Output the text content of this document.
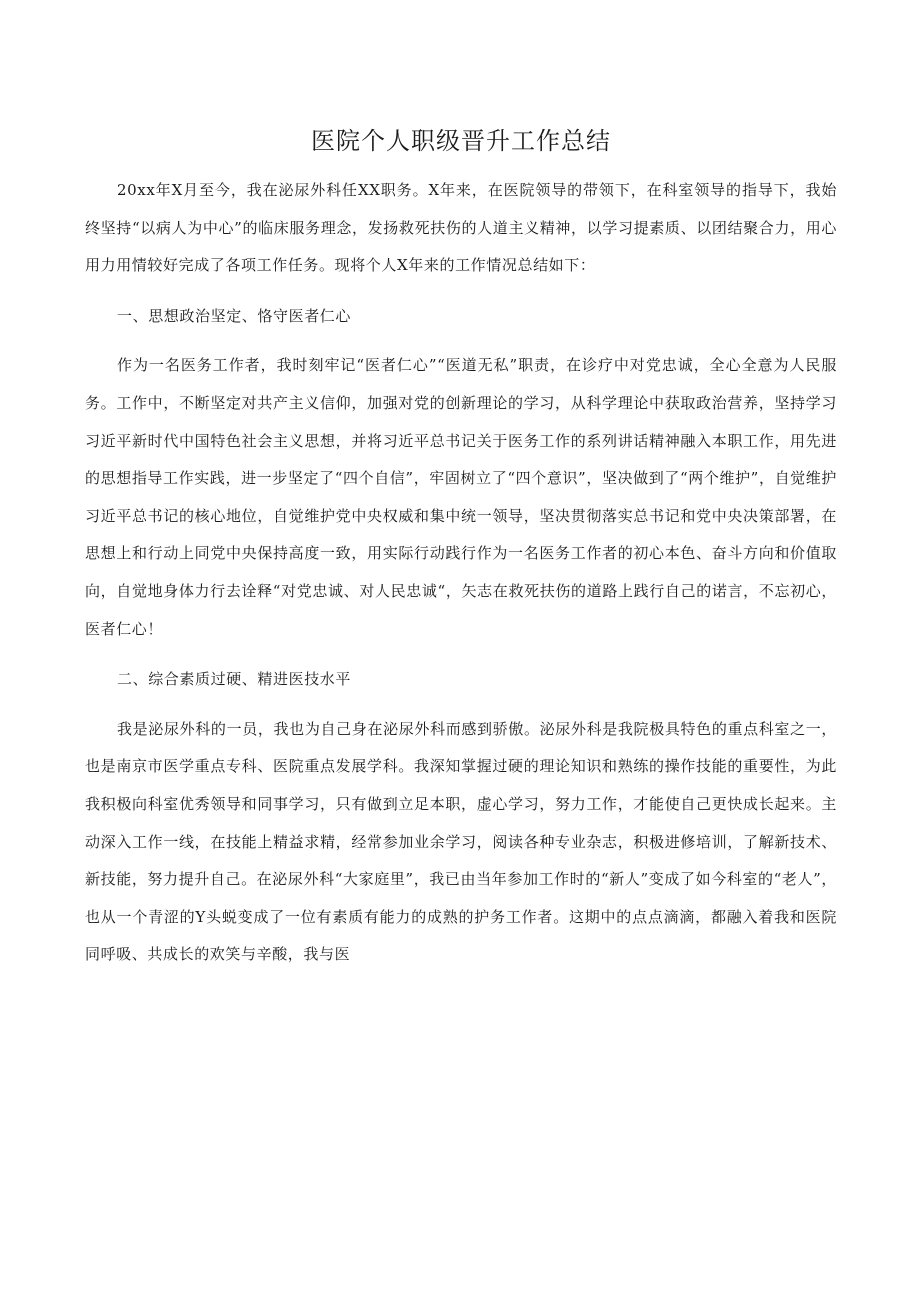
医院个人职级晋升工作总结

20xx年X月至今，我在泌尿外科任XX职务。X年来，在医院领导的带领下，在科室领导的指导下，我始终坚持“以病人为中心”的临床服务理念，发扬救死扶伤的人道主义精神，以学习提素质、以团结聚合力，用心用力用情较好完成了各项工作任务。现将个人X年来的工作情况总结如下：

一、思想政治坚定、恪守医者仁心

作为一名医务工作者，我时刻牢记“医者仁心”“医道无私”职责，在诊疗中对党忠诚，全心全意为人民服务。工作中，不断坚定对共产主义信仰，加强对党的创新理论的学习，从科学理论中获取政治营养，坚持学习习近平新时代中国特色社会主义思想，并将习近平总书记关于医务工作的系列讲话精神融入本职工作，用先进的思想指导工作实践，进一步坚定了“四个自信”，牢固树立了“四个意识”，坚决做到了“两个维护”，自觉维护习近平总书记的核心地位，自觉维护党中央权威和集中统一领导，坚决贯彻落实总书记和党中央决策部署，在思想上和行动上同党中央保持高度一致，用实际行动践行作为一名医务工作者的初心本色、奋斗方向和价值取向，自觉地身体力行去诠释“对党忠诚、对人民忠诚“，矢志在救死扶伤的道路上践行自己的诺言，不忘初心，医者仁心！

二、综合素质过硬、精进医技水平

我是泌尿外科的一员，我也为自己身在泌尿外科而感到骄傲。泌尿外科是我院极具特色的重点科室之一，也是南京市医学重点专科、医院重点发展学科。我深知掌握过硬的理论知识和熟练的操作技能的重要性，为此我积极向科室优秀领导和同事学习，只有做到立足本职，虚心学习，努力工作，才能使自己更快成长起来。主动深入工作一线，在技能上精益求精，经常参加业余学习，阅读各种专业杂志，积极进修培训，了解新技术、新技能，努力提升自己。在泌尿外科“大家庭里”，我已由当年参加工作时的“新人”变成了如今科室的“老人”，也从一个青涩的Y头蜕变成了一位有素质有能力的成熟的护务工作者。这期中的点点滴滴，都融入着我和医院同呼吸、共成长的欢笑与辛酸，我与医
